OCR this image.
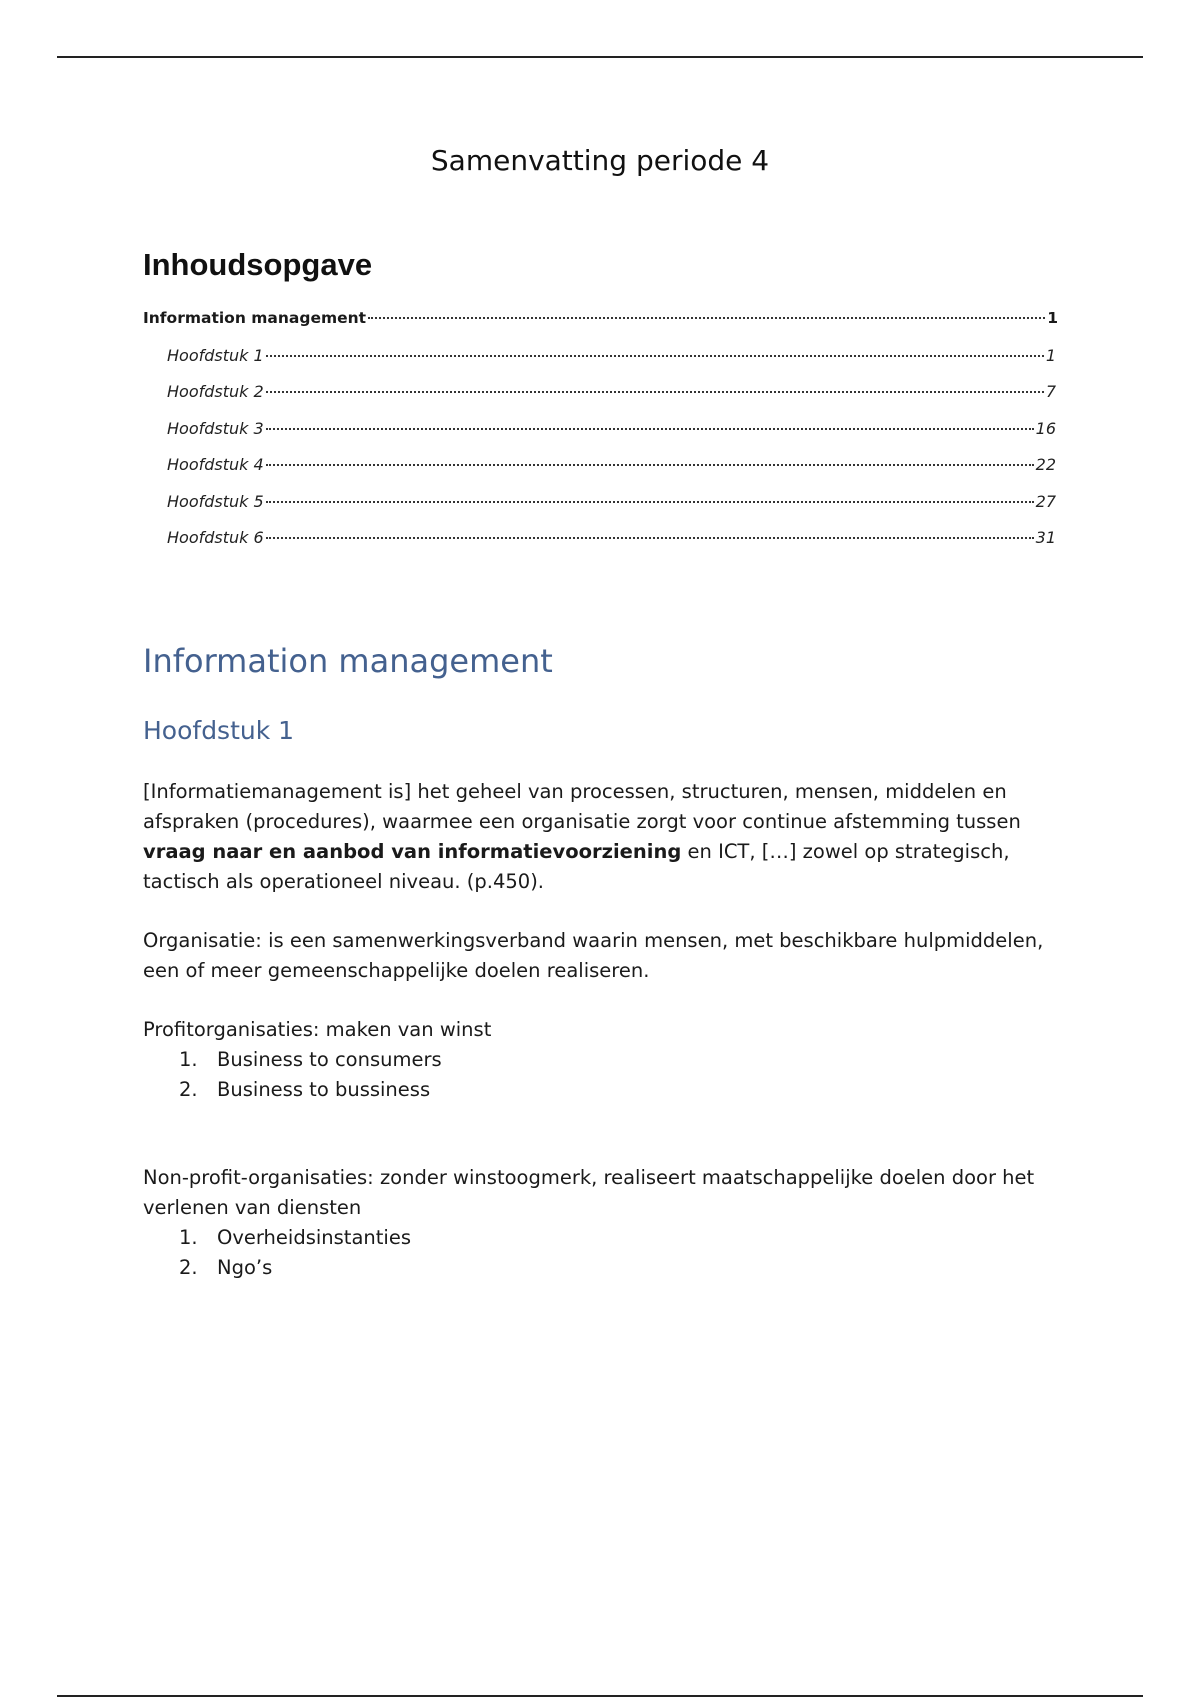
Samenvatting periode 4
Inhoudsopgave
Information management	1
Hoofdstuk 1	1
Hoofdstuk 2	7
Hoofdstuk 3	16
Hoofdstuk 4	22
Hoofdstuk 5	27
Hoofdstuk 6	31
Information management
Hoofdstuk 1

[Informatiemanagement is] het geheel van processen, structuren, mensen, middelen en afspraken (procedures), waarmee een organisatie zorgt voor continue afstemming tussen vraag naar en aanbod van informatievoorziening en ICT, […] zowel op strategisch, tactisch als operationeel niveau. (p.450).

Organisatie: is een samenwerkingsverband waarin mensen, met beschikbare hulpmiddelen, een of meer gemeenschappelijke doelen realiseren.

Profitorganisaties: maken van winst
1. Business to consumers
2. Business to bussiness
Non-profit-organisaties: zonder winstoogmerk, realiseert maatschappelijke doelen door het verlenen van diensten
1. Overheidsinstanties
2. Ngo’s
